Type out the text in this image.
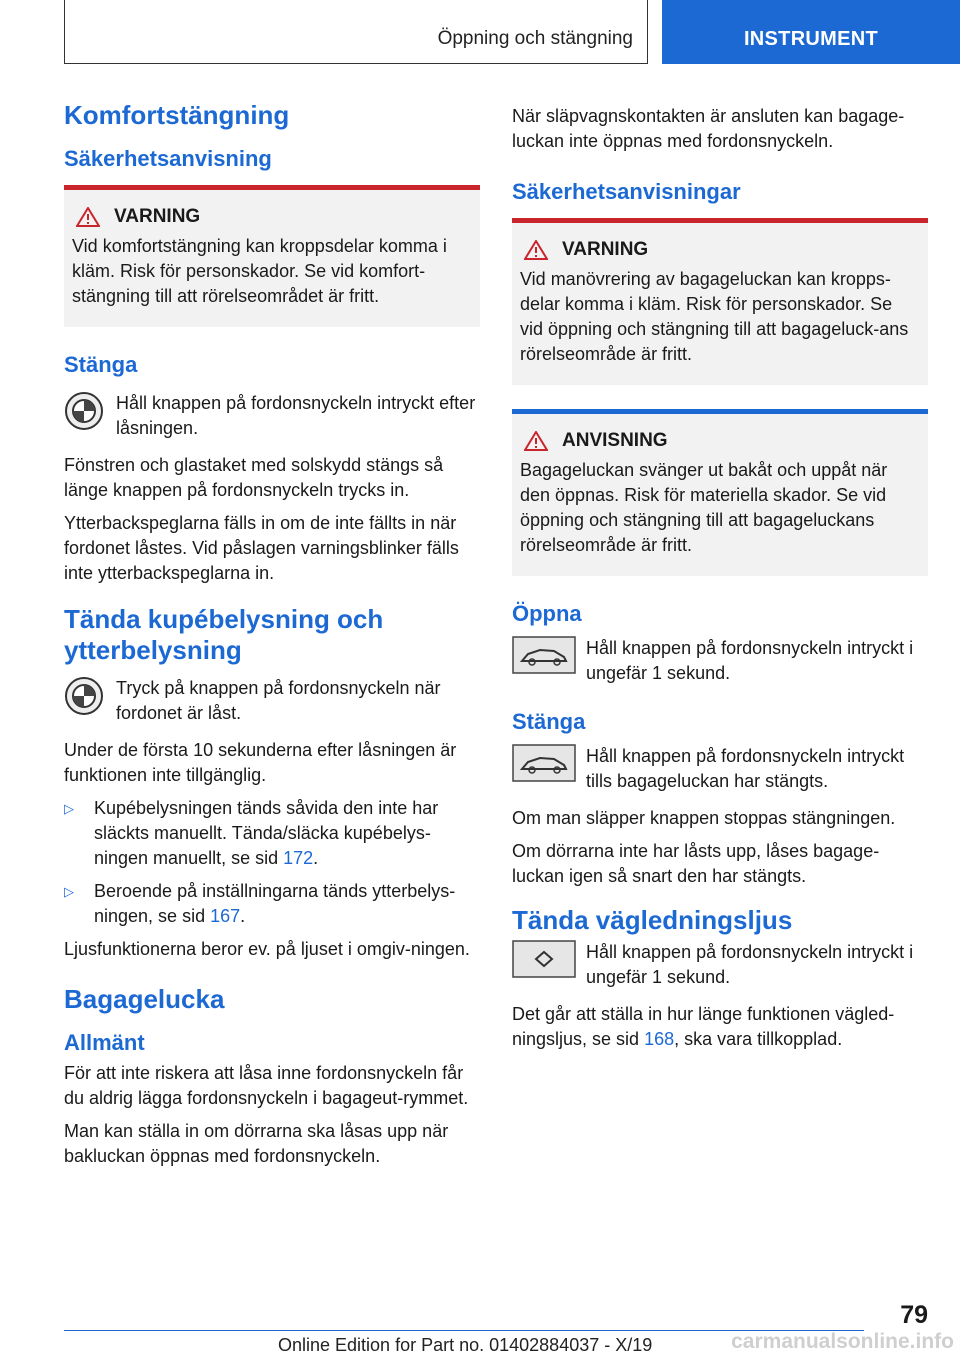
Öppning och stängning	INSTRUMENT
Komfortstängning
Säkerhetsanvisning
VARNING

Vid komfortstängning kan kroppsdelar komma i kläm. Risk för personskador. Se vid komfort-stängning till att rörelseområdet är fritt.

Stänga

Håll knappen på fordonsnyckeln intryckt efter låsningen.

Fönstren och glastaket med solskydd stängs så länge knappen på fordonsnyckeln trycks in.

Ytterbackspeglarna fälls in om de inte fällts in när fordonet låstes. Vid påslagen varningsblinker fälls inte ytterbackspeglarna in.

Tända kupébelysning och ytterbelysning

Tryck på knappen på fordonsnyckeln när fordonet är låst.

Under de första 10 sekunderna efter låsningen är funktionen inte tillgänglig.

▷	Kupébelysningen tänds såvida den inte har släckts manuellt. Tända/släcka kupébelys-ningen manuellt, se sid 172.
▷	Beroende på inställningarna tänds ytterbelys-ningen, se sid 167.

Ljusfunktionerna beror ev. på ljuset i omgiv-ningen.

Bagagelucka
Allmänt

För att inte riskera att låsa inne fordonsnyckeln får du aldrig lägga fordonsnyckeln i bagageut-rymmet.

Man kan ställa in om dörrarna ska låsas upp när bakluckan öppnas med fordonsnyckeln.

När släpvagnskontakten är ansluten kan bagage-luckan inte öppnas med fordonsnyckeln.

Säkerhetsanvisningar
VARNING

Vid manövrering av bagageluckan kan kropps-delar komma i kläm. Risk för personskador. Se vid öppning och stängning till att bagageluck-ans rörelseområde är fritt.

ANVISNING

Bagageluckan svänger ut bakåt och uppåt när den öppnas. Risk för materiella skador. Se vid öppning och stängning till att bagageluckans rörelseområde är fritt.

Öppna

Håll knappen på fordonsnyckeln intryckt i ungefär 1 sekund.

Stänga

Håll knappen på fordonsnyckeln intryckt tills bagageluckan har stängts.

Om man släpper knappen stoppas stängningen.

Om dörrarna inte har låsts upp, låses bagage-luckan igen så snart den har stängts.

Tända vägledningsljus

Håll knappen på fordonsnyckeln intryckt i ungefär 1 sekund.

Det går att ställa in hur länge funktionen vägled-ningsljus, se sid 168, ska vara tillkopplad.

79
Online Edition for Part no. 01402884037 - X/19	carmanualsonline.info
